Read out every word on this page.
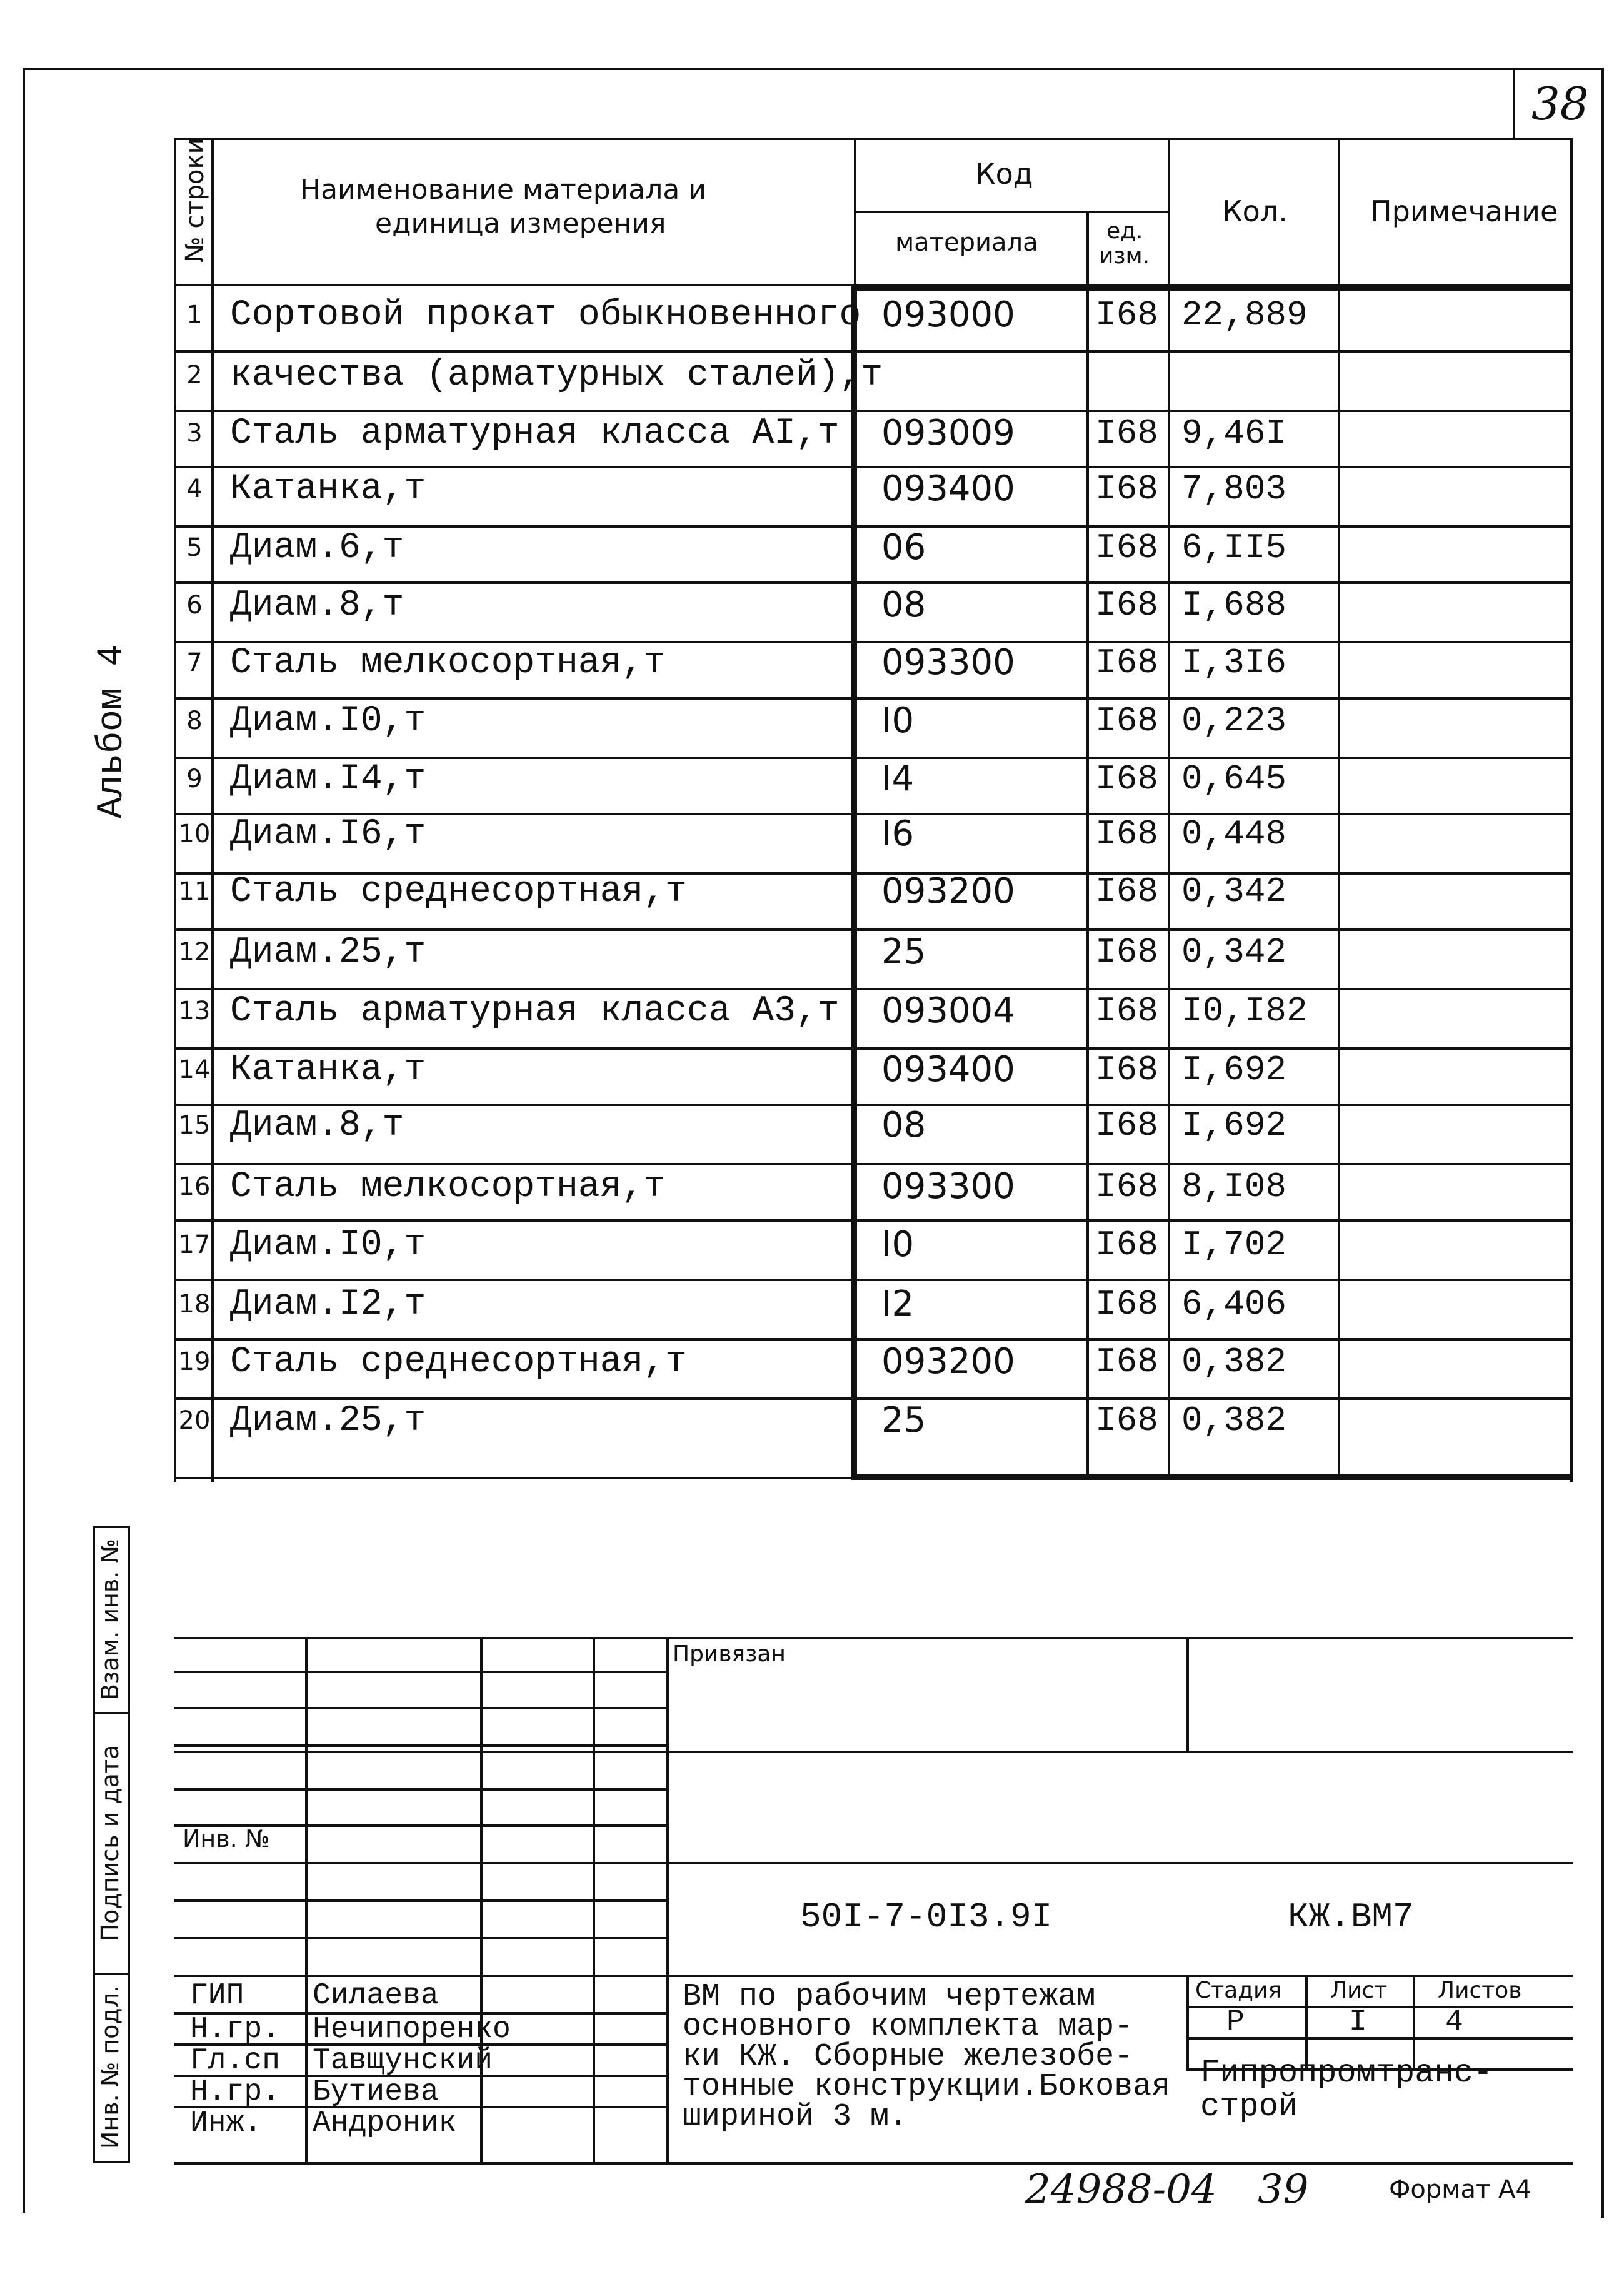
38
Альбом 4
№ строки	Наименование материала и
единица измерения
Код
материала	ед.
изм.
Кол.	Примечание
1 Сортовой прокат обыкновенного 093000 I68 22,889
2 качества (арматурных сталей),т
3 Сталь арматурная класса АI,т 093009 I68 9,46I
4 Катанка,т	093400 I68 7,803
5 Диам.6,т	06	I68 6,II5
6 Диам.8,т	08	I68 I,688
7 Сталь мелкосортная,т	093300 I68 I,3I6
8 Диам.I0,т	I0	I68 0,223
9 Диам.I4,т	I4	I68 0,645
10 Диам.I6,т	I6	I68 0,448
11 Сталь среднесортная,т	093200 I68 0,342
12 Диам.25,т	25	I68 0,342
13 Сталь арматурная класса А3,т 093004 I68 I0,I82
14 Катанка,т	093400 I68 I,692
15 Диам.8,т	08	I68 I,692
16 Сталь мелкосортная,т	093300 I68 8,I08
17 Диам.I0,т	I0	I68 I,702
18 Диам.I2,т	I2	I68 6,406
19 Сталь среднесортная,т	093200 I68 0,382
20 Диам.25,т	25	I68 0,382
Взам. инв. №
Подпись и дата
Инв. № подл.
Привязан
Инв. №
50I-7-0I3.9I	КЖ.ВМ7
ГИП Силаева
Н.гр. Нечипоренко
Гл.сп Тавщунский
Н.гр. Бутиева
Инж. Андроник
ВМ по рабочим чертежам
основного комплекта мар-
ки КЖ. Сборные железобе-
тонные конструкции.Боковая
шириной 3 м.
Стадия Лист Листов
Р	I	4
Гипропромтранс-
строй
24988-04 39	Формат А4
